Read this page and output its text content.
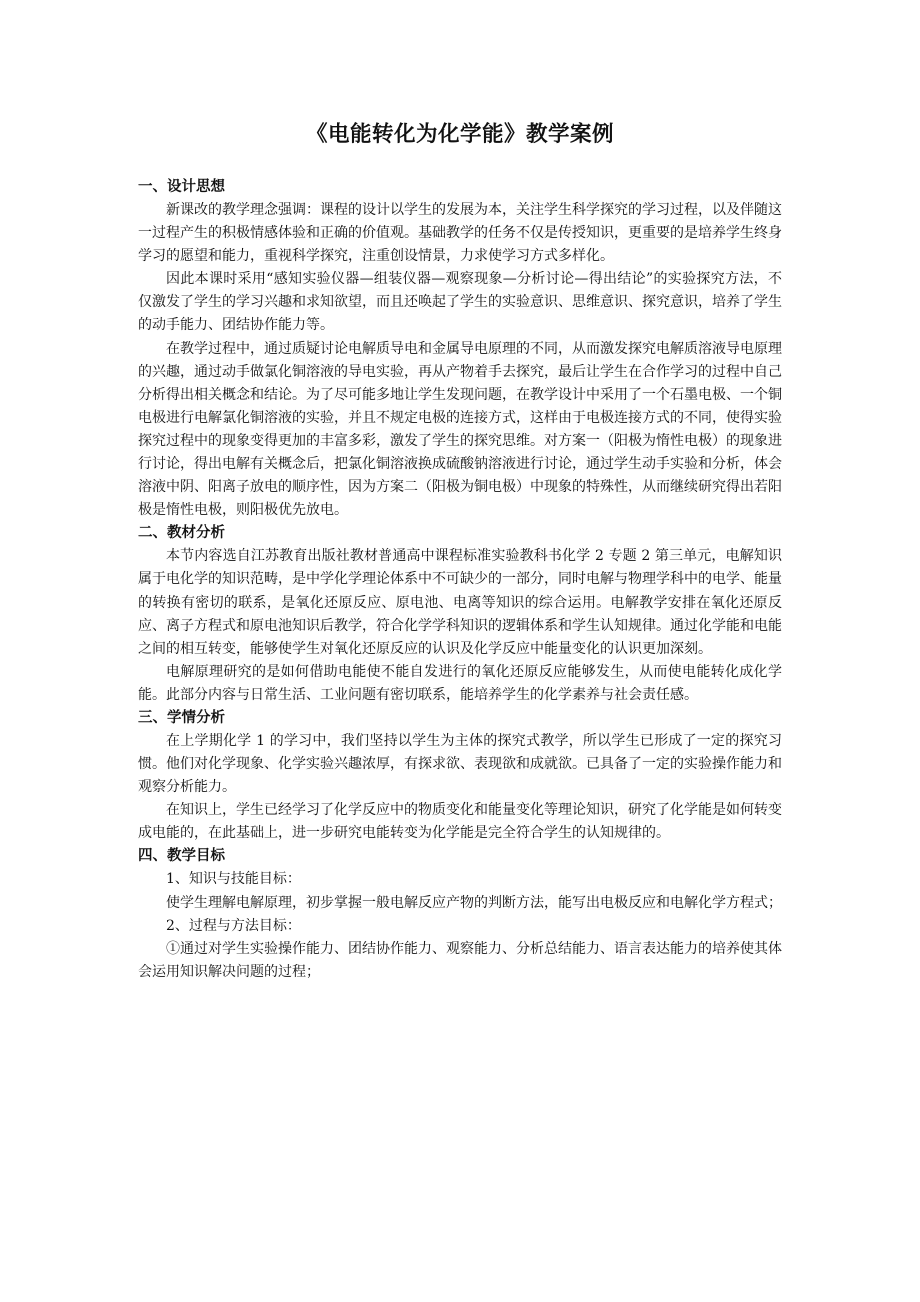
《电能转化为化学能》教学案例
一、设计思想

新课改的教学理念强调：课程的设计以学生的发展为本，关注学生科学探究的学习过程，以及伴随这一过程产生的积极情感体验和正确的价值观。基础教学的任务不仅是传授知识，更重要的是培养学生终身学习的愿望和能力，重视科学探究，注重创设情景，力求使学习方式多样化。

因此本课时采用“感知实验仪器—组装仪器—观察现象—分析讨论—得出结论”的实验探究方法，不仅激发了学生的学习兴趣和求知欲望，而且还唤起了学生的实验意识、思维意识、探究意识，培养了学生的动手能力、团结协作能力等。

在教学过程中，通过质疑讨论电解质导电和金属导电原理的不同，从而激发探究电解质溶液导电原理的兴趣，通过动手做氯化铜溶液的导电实验，再从产物着手去探究，最后让学生在合作学习的过程中自己分析得出相关概念和结论。为了尽可能多地让学生发现问题，在教学设计中采用了一个石墨电极、一个铜电极进行电解氯化铜溶液的实验，并且不规定电极的连接方式，这样由于电极连接方式的不同，使得实验探究过程中的现象变得更加的丰富多彩，激发了学生的探究思维。对方案一（阳极为惰性电极）的现象进行讨论，得出电解有关概念后，把氯化铜溶液换成硫酸钠溶液进行讨论，通过学生动手实验和分析，体会溶液中阴、阳离子放电的顺序性，因为方案二（阳极为铜电极）中现象的特殊性，从而继续研究得出若阳极是惰性电极，则阳极优先放电。

二、教材分析

本节内容选自江苏教育出版社教材普通高中课程标准实验教科书化学 2 专题 2 第三单元，电解知识属于电化学的知识范畴，是中学化学理论体系中不可缺少的一部分，同时电解与物理学科中的电学、能量的转换有密切的联系，是氧化还原反应、原电池、电离等知识的综合运用。电解教学安排在氧化还原反应、离子方程式和原电池知识后教学，符合化学学科知识的逻辑体系和学生认知规律。通过化学能和电能之间的相互转变，能够使学生对氧化还原反应的认识及化学反应中能量变化的认识更加深刻。

电解原理研究的是如何借助电能使不能自发进行的氧化还原反应能够发生，从而使电能转化成化学能。此部分内容与日常生活、工业问题有密切联系，能培养学生的化学素养与社会责任感。

三、学情分析

在上学期化学 1 的学习中，我们坚持以学生为主体的探究式教学，所以学生已形成了一定的探究习惯。他们对化学现象、化学实验兴趣浓厚，有探求欲、表现欲和成就欲。已具备了一定的实验操作能力和观察分析能力。

在知识上，学生已经学习了化学反应中的物质变化和能量变化等理论知识，研究了化学能是如何转变成电能的，在此基础上，进一步研究电能转变为化学能是完全符合学生的认知规律的。

四、教学目标

1、知识与技能目标：

使学生理解电解原理，初步掌握一般电解反应产物的判断方法，能写出电极反应和电解化学方程式；

2、过程与方法目标：

①通过对学生实验操作能力、团结协作能力、观察能力、分析总结能力、语言表达能力的培养使其体会运用知识解决问题的过程；
